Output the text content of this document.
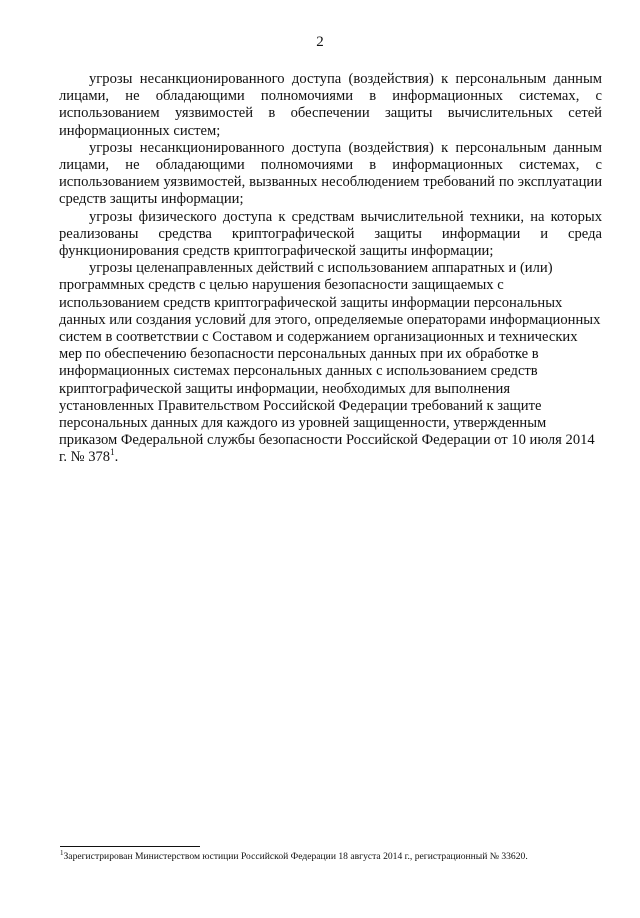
2

угрозы несанкционированного доступа (воздействия) к персональным данным лицами, не обладающими полномочиями в информационных системах, с использованием уязвимостей в обеспечении защиты вычислительных сетей информационных систем;

угрозы несанкционированного доступа (воздействия) к персональным данным лицами, не обладающими полномочиями в информационных системах, с использованием уязвимостей, вызванных несоблюдением требований по эксплуатации средств защиты информации;

угрозы физического доступа к средствам вычислительной техники, на которых реализованы средства криптографической защиты информации и среда функционирования средств криптографической защиты информации;

угрозы целенаправленных действий с использованием аппаратных и (или) программных средств с целью нарушения безопасности защищаемых с использованием средств криптографической защиты информации персональных данных или создания условий для этого, определяемые операторами информационных систем в соответствии с Составом и содержанием организационных и технических мер по обеспечению безопасности персональных данных при их обработке в информационных системах персональных данных с использованием средств криптографической защиты информации, необходимых для выполнения установленных Правительством Российской Федерации требований к защите персональных данных для каждого из уровней защищенности, утвержденным приказом Федеральной службы безопасности Российской Федерации от 10 июля 2014 г. № $378^1$.

$^1$Зарегистрирован Министерством юстиции Российской Федерации 18 августа 2014 г., регистрационный № 33620.
